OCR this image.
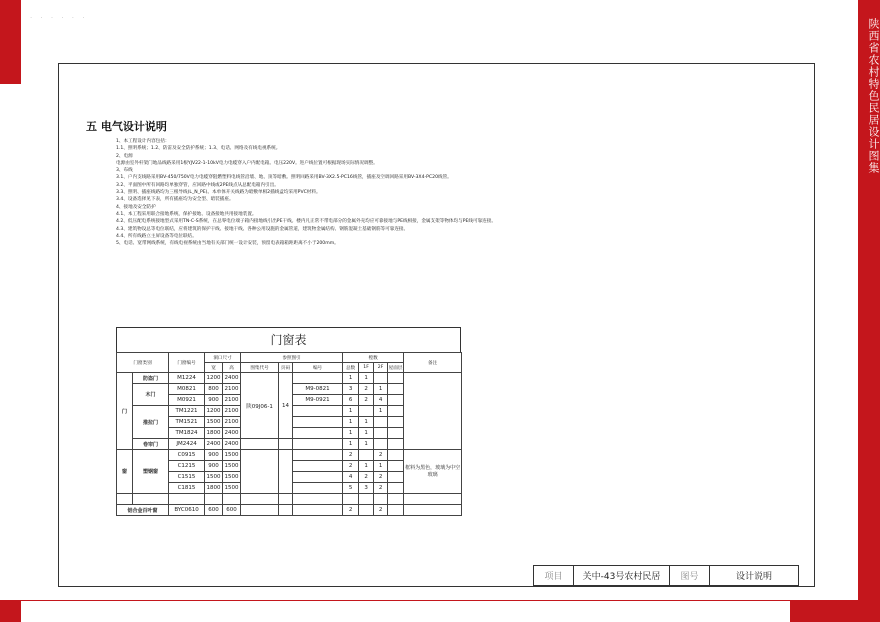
陕西省农村特色民居设计图集
· · · · · ·
五 电气设计说明
1、本工程设计内容包括：
1.1、照明系统；1.2、防雷及安全防护系统；1.3、电话、网络及有线电视系统。
2、电源
电源由室外杆架门地品线路采用1根YJV22-1-10kV电力电缆穿入户内配电箱。电压220V。进户线位置可根据现场实际情况调整。
3、布线
3.1、户内支线路采用BV-450/750V电力电缆穿阻燃塑料电线管沿墙、地、顶等暗敷。照明回路采用BV-3X2.5-PC16线管，插座及空调回路采用BV-3X4-PC20线管。
3.2、平面图中所有回路均单独穿管，应回路中线或2PE线点从总配电箱内引出。
3.3、照明、插座线路均为三根导线(L_N_PE)。本单体开关线路为暗敷单相2插线盒均采用PVC材料。
3.4、设备选择见下表，所有插座均为安全型、暗装插座。
4、接地及安全防护
4.1、本工程采用联合接地系统，保护接地、设备接地共用接地装置。
4.2、低压配电系统接地型式采用TN-C-S系统，在总零电位端子箱内接地线引出PE干线。楼内凡正常不带电部分的金属外壳均应可靠接地与PE线相接，金属支架等物体均与PE线可靠连接。
4.3、建筑物设总等电位联结，应将建筑的保护干线、接地干线、各种公用设施的金属管道，建筑物金属结构、钢筋混凝土基础钢筋等可靠连接。
4.4、所有线路立主屏设备等电位联结。
5、电话、宽带网线系统，有线电视系统由当地有关部门统一设计安装，预留电表箱箱距距离不小于200mm。
门窗表
门窗类别		门窗编号	洞口尺寸		参照图引			樘数				备注
			宽	高	图集代号	页码	编号	总数	1F	2F	屋面层	
门	防盗门	M1224	1200	2400	陕09J06-1	14		1	1			
	木门	M0821	800	2100			M9-0821	3	2	1		
		M0921	900	2100			M9-0921	6	2	4		
	推拉门	TM1221	1200	2100				1		1		
		TM1521	1500	2100				1	1			
		TM1824	1800	2400				1	1			
	卷帘门	JM2424	2400	2400				1	1			
窗	塑钢窗	C0915	900	1500				2		2		框料为黑色，玻璃为中空玻璃
		C1215	900	1500				2	1	1		
		C1515	1500	1500				4	2	2		
		C1815	1800	1500				5	3	2		

铝合金百叶窗		BYC0610	600	600				2		2		
项目	关中-43号农村民居	图号	设计说明
